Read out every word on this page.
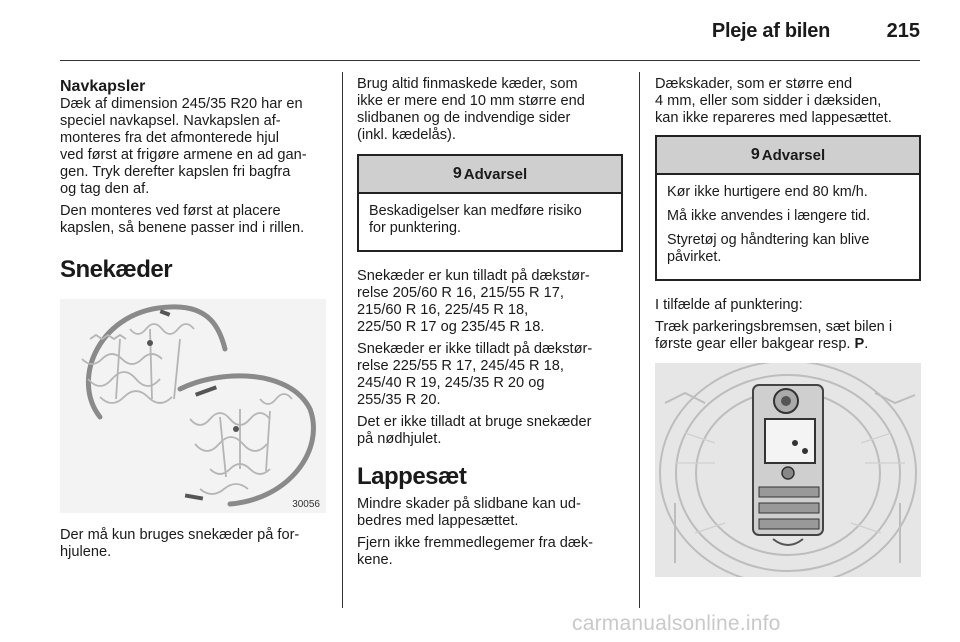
Pleje af bilen	215
Navkapsler

Dæk af dimension 245/35 R20 har en
speciel navkapsel. Navkapslen af-
monteres fra det afmonterede hjul
ved først at frigøre armene en ad gan-
gen. Tryk derefter kapslen fri bagfra
og tag den af.

Den monteres ved først at placere
kapslen, så benene passer ind i rillen.

Snekæder
30056

Der må kun bruges snekæder på for-
hjulene.

Brug altid finmaskede kæder, som
ikke er mere end 10 mm større end
slidbanen og de indvendige sider
(inkl. kædelås).

9 Advarsel

Beskadigelser kan medføre risiko
for punktering.

Snekæder er kun tilladt på dækstør-
relse 205/60 R 16, 215/55 R 17,
215/60 R 16, 225/45 R 18,
225/50 R 17 og 235/45 R 18.

Snekæder er ikke tilladt på dækstør-
relse 225/55 R 17, 245/45 R 18,
245/40 R 19, 245/35 R 20 og
255/35 R 20.

Det er ikke tilladt at bruge snekæder
på nødhjulet.

Lappesæt

Mindre skader på slidbane kan ud-
bedres med lappesættet.

Fjern ikke fremmedlegemer fra dæk-
kene.

Dækskader, som er større end
4 mm, eller som sidder i dæksiden,
kan ikke repareres med lappesættet.

9 Advarsel

Kør ikke hurtigere end 80 km/h.

Må ikke anvendes i længere tid.

Styretøj og håndtering kan blive
påvirket.

I tilfælde af punktering:

Træk parkeringsbremsen, sæt bilen i
første gear eller bakgear resp. P.

carmanualsonline.info
